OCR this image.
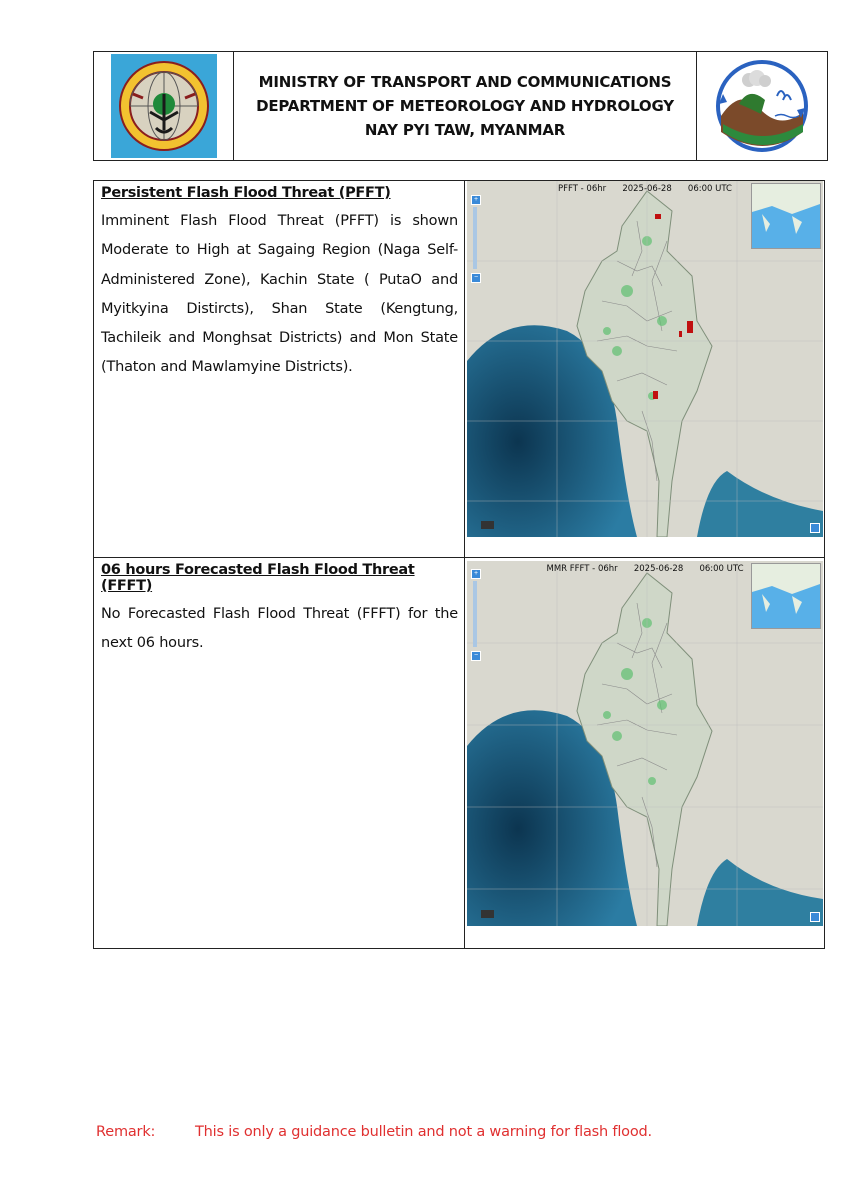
MINISTRY OF TRANSPORT AND COMMUNICATIONS
DEPARTMENT OF METEOROLOGY AND HYDROLOGY
NAY PYI TAW, MYANMAR
Persistent Flash Flood Threat (PFFT)
Imminent Flash Flood Threat (PFFT) is shown Moderate to High at Sagaing Region (Naga Self-Administered Zone), Kachin State ( PutaO and Myitkyina Distircts), Shan State (Kengtung, Tachileik and Monghsat Districts) and Mon State (Thaton and Mawlamyine Districts).
PFFT - 06hr      2025-06-28      06:00 UTC
+
−

06 hours Forecasted Flash Flood Threat (FFFT)
No Forecasted Flash Flood Threat (FFFT) for the next 06 hours.
MMR FFFT - 06hr      2025-06-28      06:00 UTC
+
−

Remark:	This is only a guidance bulletin and not a warning for flash flood.
